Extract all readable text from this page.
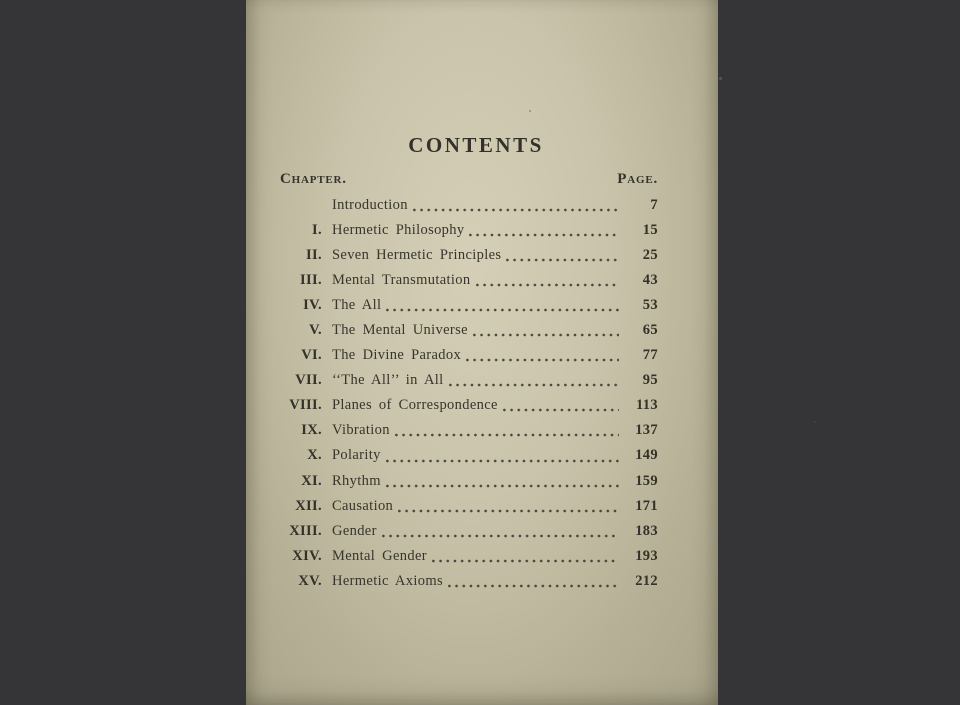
CONTENTS
Chapter.	Page.
Introduction	7
I. Hermetic Philosophy	15
II. Seven Hermetic Principles	25
III. Mental Transmutation	43
IV. The All	53
V. The Mental Universe	65
VI. The Divine Paradox	77
VII. ‘‘The All’’ in All	95
VIII. Planes of Correspondence	113
IX. Vibration	137
X. Polarity	149
XI. Rhythm	159
XII. Causation	171
XIII. Gender	183
XIV. Mental Gender	193
XV. Hermetic Axioms	212
